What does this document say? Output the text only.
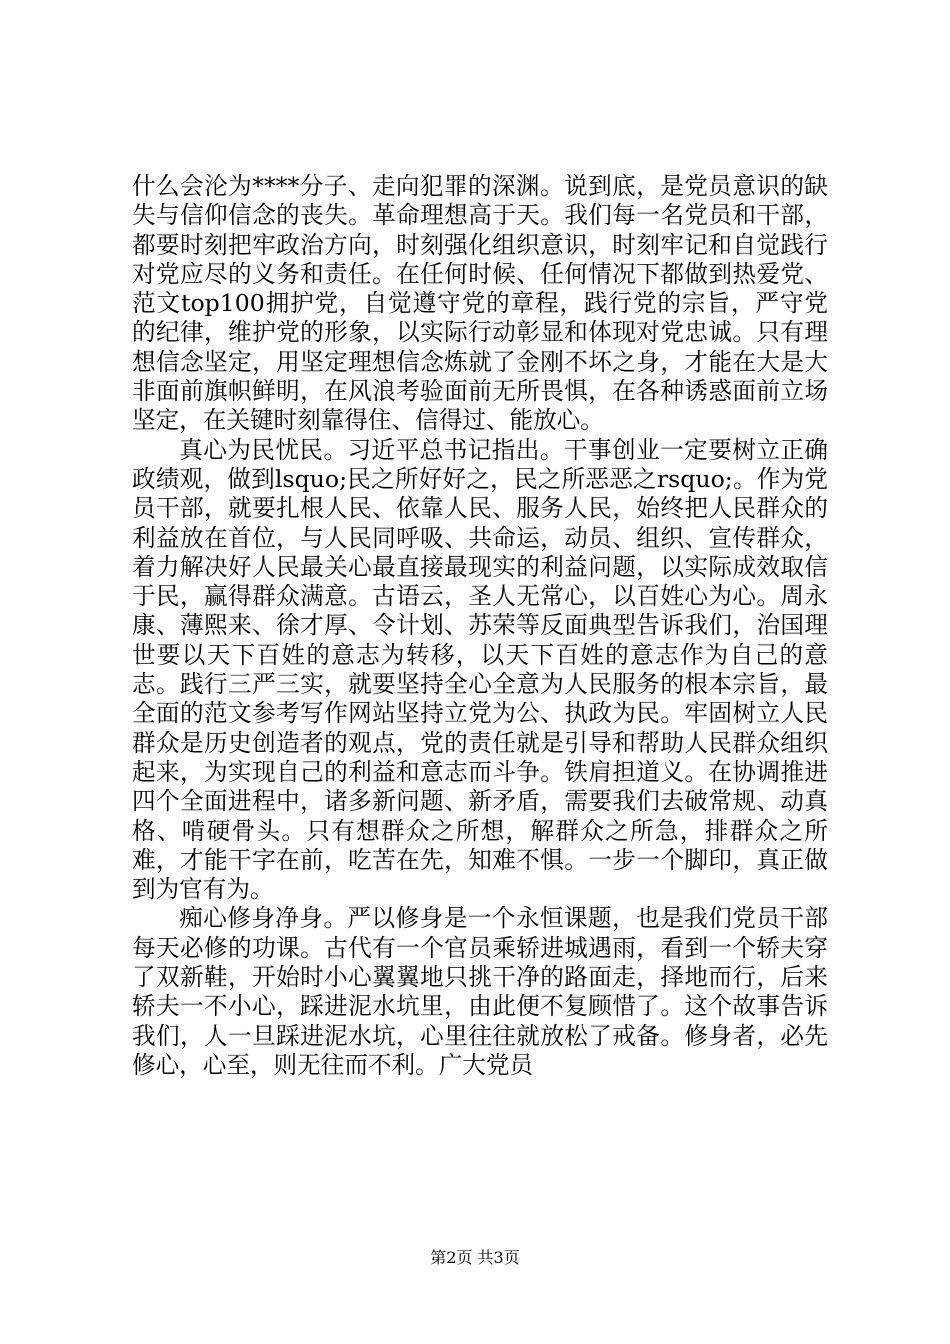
什么会沦为****分子、走向犯罪的深渊。说到底，是党员意识的缺失与信仰信念的丧失。革命理想高于天。我们每一名党员和干部，都要时刻把牢政治方向，时刻强化组织意识，时刻牢记和自觉践行对党应尽的义务和责任。在任何时候、任何情况下都做到热爱党、范文top100拥护党，自觉遵守党的章程，践行党的宗旨，严守党的纪律，维护党的形象，以实际行动彰显和体现对党忠诚。只有理想信念坚定，用坚定理想信念炼就了金刚不坏之身，才能在大是大非面前旗帜鲜明，在风浪考验面前无所畏惧，在各种诱惑面前立场坚定，在关键时刻靠得住、信得过、能放心。

真心为民忧民。习近平总书记指出。干事创业一定要树立正确政绩观，做到lsquo;民之所好好之，民之所恶恶之rsquo;。作为党员干部，就要扎根人民、依靠人民、服务人民，始终把人民群众的利益放在首位，与人民同呼吸、共命运，动员、组织、宣传群众，着力解决好人民最关心最直接最现实的利益问题，以实际成效取信于民，赢得群众满意。古语云，圣人无常心，以百姓心为心。周永康、薄熙来、徐才厚、令计划、苏荣等反面典型告诉我们，治国理世要以天下百姓的意志为转移，以天下百姓的意志作为自己的意志。践行三严三实，就要坚持全心全意为人民服务的根本宗旨，最全面的范文参考写作网站坚持立党为公、执政为民。牢固树立人民群众是历史创造者的观点，党的责任就是引导和帮助人民群众组织起来，为实现自己的利益和意志而斗争。铁肩担道义。在协调推进四个全面进程中，诸多新问题、新矛盾，需要我们去破常规、动真格、啃硬骨头。只有想群众之所想，解群众之所急，排群众之所难，才能干字在前，吃苦在先，知难不惧。一步一个脚印，真正做到为官有为。

痴心修身净身。严以修身是一个永恒课题，也是我们党员干部每天必修的功课。古代有一个官员乘轿进城遇雨，看到一个轿夫穿了双新鞋，开始时小心翼翼地只挑干净的路面走，择地而行，后来轿夫一不小心，踩进泥水坑里，由此便不复顾惜了。这个故事告诉我们，人一旦踩进泥水坑，心里往往就放松了戒备。修身者，必先修心，心至，则无往而不利。广大党员

第2页 共3页
